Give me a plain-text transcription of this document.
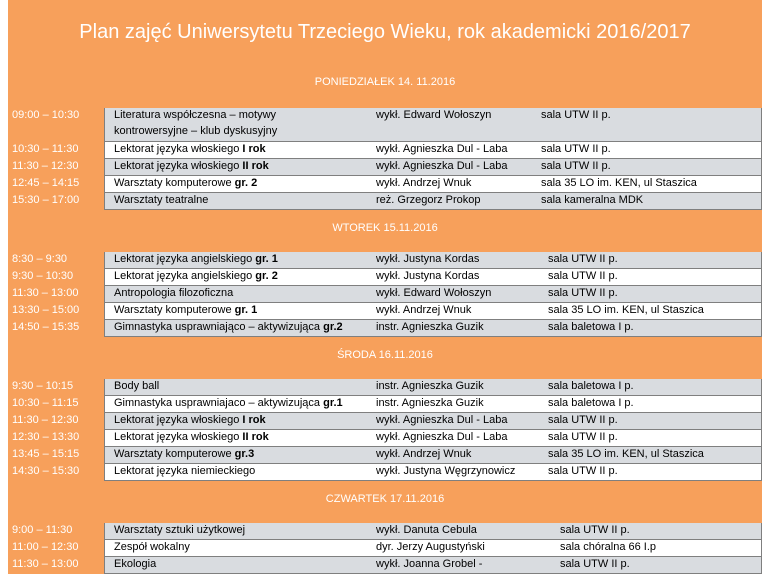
Plan zajęć Uniwersytetu Trzeciego Wieku, rok akademicki 2016/2017
PONIEDZIAŁEK 14. 11.2016
09:00 – 10:30	Literatura współczesna – motywy
kontrowersyjne – klub dyskusyjny
wykł. Edward Wołoszyn	sala UTW II p.
10:30 – 11:30	Lektorat języka włoskiego I rok	wykł. Agnieszka Dul - Laba	sala UTW II p.
11:30 – 12:30	Lektorat języka włoskiego II rok	wykł. Agnieszka Dul - Laba	sala UTW II p.
12:45 – 14:15	Warsztaty komputerowe gr. 2	wykł. Andrzej Wnuk	sala 35 LO im. KEN, ul Staszica
15:30 – 17:00	Warsztaty teatralne	reż. Grzegorz Prokop	sala kameralna MDK
WTOREK 15.11.2016
8:30 – 9:30	Lektorat języka angielskiego gr. 1	wykł. Justyna Kordas	sala UTW II p.
9:30 – 10:30	Lektorat języka angielskiego gr. 2	wykł. Justyna Kordas	sala UTW II p.
11:30 – 13:00	Antropologia filozoficzna	wykł. Edward Wołoszyn	sala UTW II p.
13:30 – 15:00	Warsztaty komputerowe gr. 1	wykł. Andrzej Wnuk	sala 35 LO im. KEN, ul Staszica
14:50 – 15:35	Gimnastyka usprawniająco – aktywizująca gr.2	instr. Agnieszka Guzik	sala baletowa I p.
ŚRODA 16.11.2016
9:30 – 10:15	Body ball	instr. Agnieszka Guzik	sala baletowa I p.
10:30 – 11:15	Gimnastyka usprawniajaco – aktywizująca gr.1	instr. Agnieszka Guzik	sala baletowa I p.
11:30 – 12:30	Lektorat języka włoskiego I rok	wykł. Agnieszka Dul - Laba	sala UTW II p.
12:30 – 13:30	Lektorat języka włoskiego II rok	wykł. Agnieszka Dul - Laba	sala UTW II p.
13:45 – 15:15	Warsztaty komputerowe gr.3	wykł. Andrzej Wnuk	sala 35 LO im. KEN, ul Staszica
14:30 – 15:30	Lektorat języka niemieckiego	wykł. Justyna Węgrzynowicz	sala UTW II p.
CZWARTEK 17.11.2016
9:00 – 11:30	Warsztaty sztuki użytkowej	wykł. Danuta Cebula	sala UTW II p.
11:00 – 12:30	Zespół wokalny	dyr. Jerzy Augustyński	sala chóralna 66 I.p
11:30 – 13:00	Ekologia	wykł. Joanna Grobel -	sala UTW II p.
